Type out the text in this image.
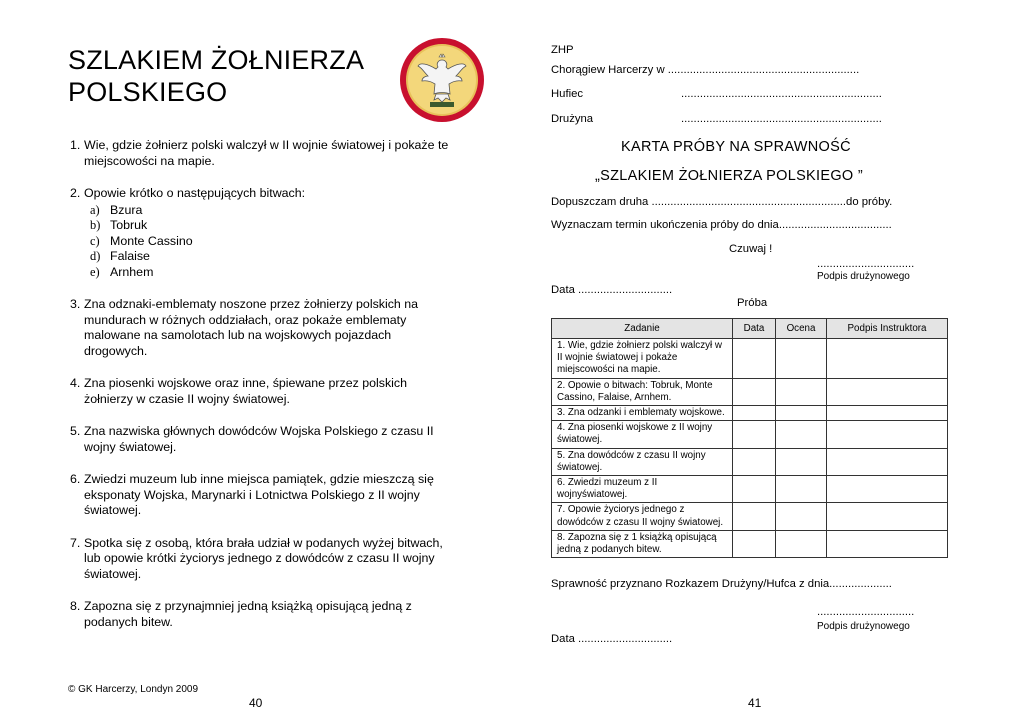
SZLAKIEM ŻOŁNIERZA
POLSKIEGO
1. Wie, gdzie żołnierz polski walczył w II wojnie światowej i pokaże te miejscowości na mapie.
2. Opowie krótko o następujących bitwach:
a) Bzura
b) Tobruk
c) Monte Cassino
d) Falaise
e) Arnhem
3. Zna odznaki-emblematy noszone przez żołnierzy polskich na mundurach w różnych oddziałach, oraz pokaże emblematy malowane na samolotach lub na wojskowych pojazdach drogowych.
4. Zna piosenki wojskowe oraz inne, śpiewane przez polskich żołnierzy w czasie II wojny światowej.
5. Zna nazwiska głównych dowódców Wojska Polskiego z czasu II wojny światowej.
6. Zwiedzi muzeum lub inne miejsca pamiątek, gdzie mieszczą się eksponaty Wojska, Marynarki i Lotnictwa Polskiego z II wojny światowej.
7. Spotka się z osobą, która brała udział w podanych wyżej bitwach, lub opowie krótki życiorys jednego z dowódców z czasu II wojny światowej.
8. Zapozna się z przynajmniej jedną książką opisującą jedną z podanych bitew.
© GK Harcerzy, Londyn 2009
40
ZHP
Chorągiew Harcerzy w .............................................................
Hufiec	................................................................
Drużyna	................................................................
KARTA PRÓBY NA SPRAWNOŚĆ
„SZLAKIEM ŻOŁNIERZA POLSKIEGO ”
Dopuszczam druha ..............................................................do próby.
Wyznaczam termin ukończenia próby do dnia....................................
Czuwaj !
...............................
Podpis drużynowego
Data ..............................
Próba
Sprawność przyznano Rozkazem Drużyny/Hufca z dnia....................
...............................
Podpis drużynowego
Data ..............................
Zadanie	Data	Ocena	Podpis Instruktora
1. Wie, gdzie żołnierz polski walczył w II wojnie światowej i pokaże miejscowości na mapie.			
2. Opowie o bitwach: Tobruk, Monte Cassino, Falaise, Arnhem.			
3. Zna odzanki i emblematy wojskowe.			
4. Zna piosenki wojskowe z II wojny światowej.			
5. Zna dowódców z czasu II wojny światowej.			
6. Zwiedzi muzeum z II wojnyświatowej.			
7. Opowie życiorys jednego z dowódców z czasu II wojny światowej.			
8. Zapozna się z 1 książką opisującą jedną z podanych bitew.			
41
